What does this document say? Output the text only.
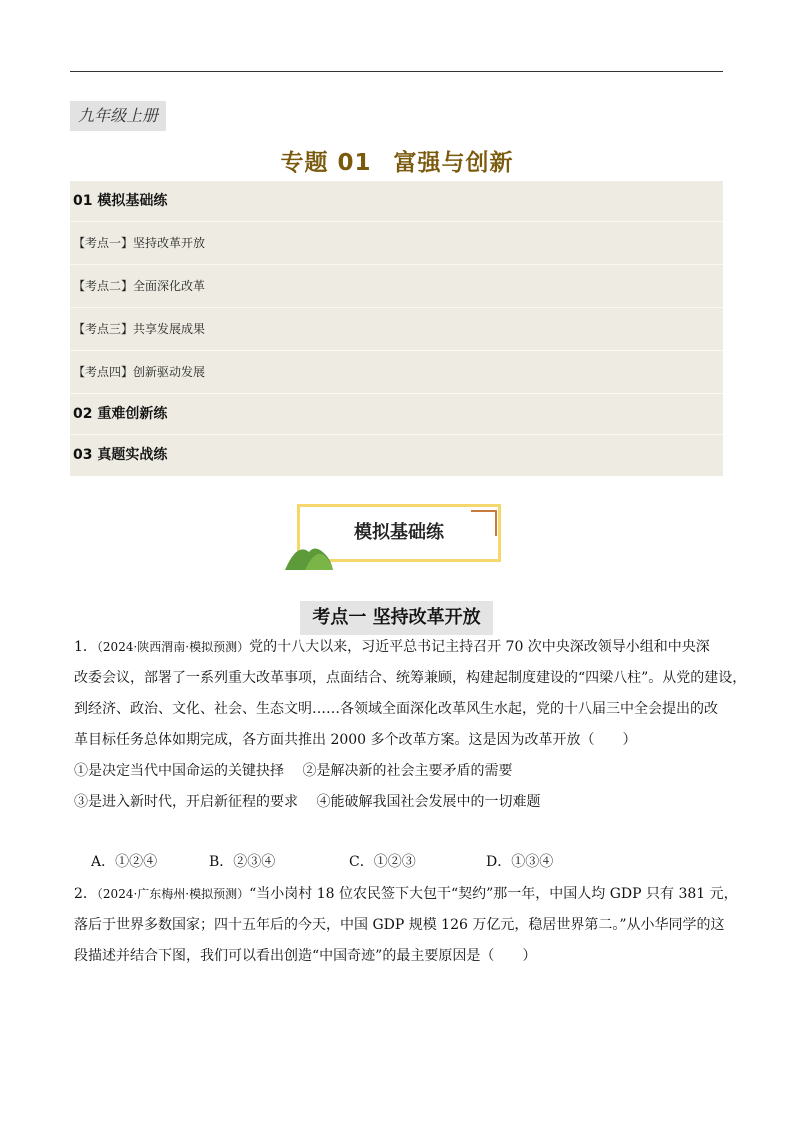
九年级上册
专题 01 富强与创新
01 模拟基础练
【考点一】坚持改革开放
【考点二】全面深化改革
【考点三】共享发展成果
【考点四】创新驱动发展
02 重难创新练
03 真题实战练
模拟基础练
考点一 坚持改革开放

1．（2024·陕西渭南·模拟预测）党的十八大以来，习近平总书记主持召开 70 次中央深改领导小组和中央深

改委会议，部署了一系列重大改革事项，点面结合、统筹兼顾，构建起制度建设的“四梁八柱”。从党的建设，

到经济、政治、文化、社会、生态文明……各领域全面深化改革风生水起，党的十八届三中全会提出的改

革目标任务总体如期完成，各方面共推出 2000 多个改革方案。这是因为改革开放（　　）

①是决定当代中国命运的关键抉择　 ②是解决新的社会主要矛盾的需要

③是进入新时代，开启新征程的要求　 ④能破解我国社会发展中的一切难题

A．①②④	B．②③④	C．①②③	D．①③④

2．（2024·广东梅州·模拟预测）“当小岗村 18 位农民签下大包干“契约”那一年，中国人均 GDP 只有 381 元，

落后于世界多数国家；四十五年后的今天，中国 GDP 规模 126 万亿元，稳居世界第二。”从小华同学的这

段描述并结合下图，我们可以看出创造“中国奇迹”的最主要原因是（　　）
